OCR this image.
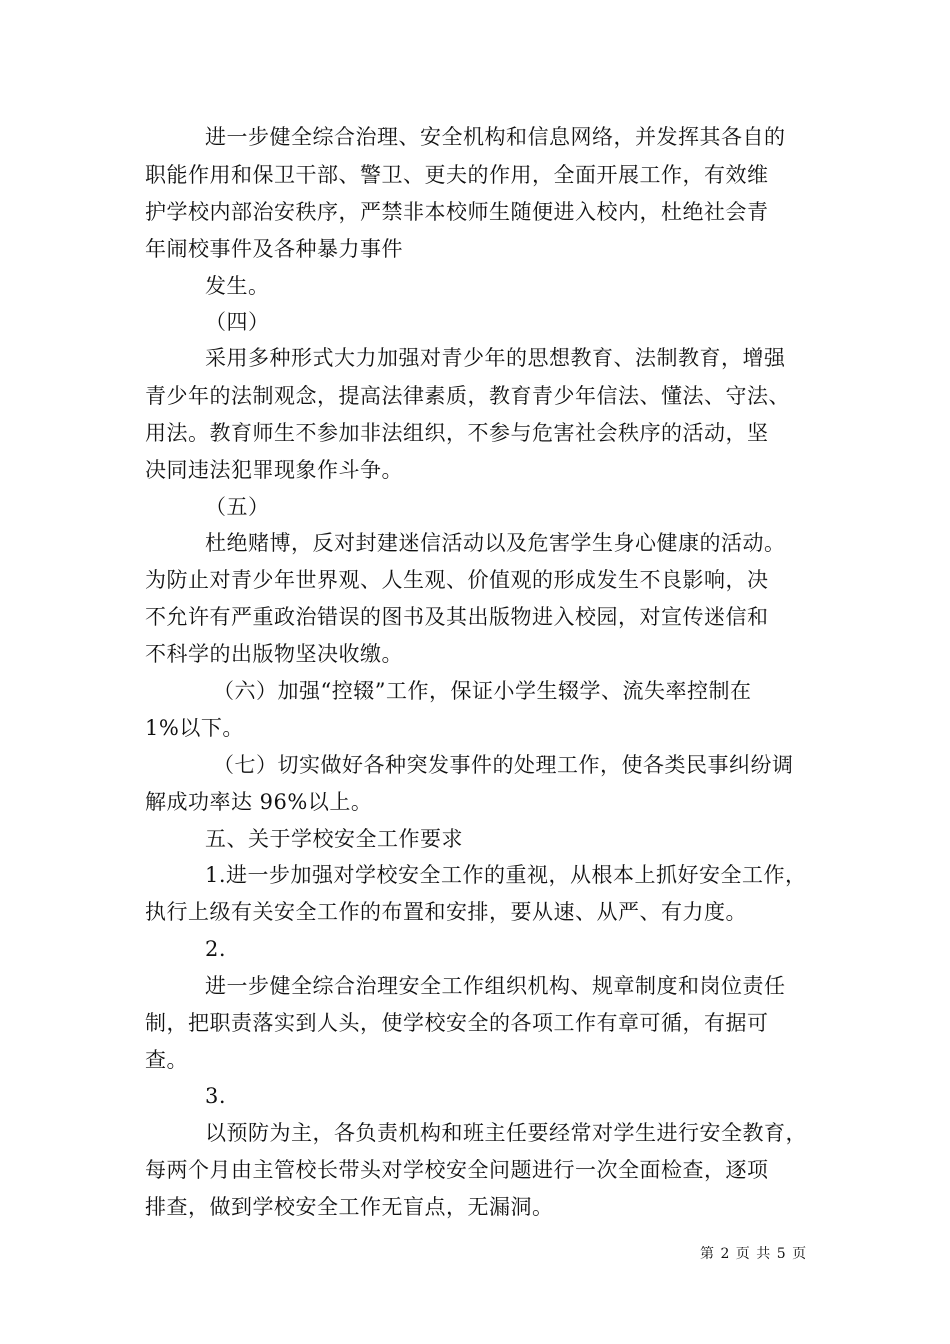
进一步健全综合治理、安全机构和信息网络，并发挥其各自的
职能作用和保卫干部、警卫、更夫的作用，全面开展工作，有效维
护学校内部治安秩序，严禁非本校师生随便进入校内，杜绝社会青
年闹校事件及各种暴力事件
发生。
（四）
采用多种形式大力加强对青少年的思想教育、法制教育，增强
青少年的法制观念，提高法律素质，教育青少年信法、懂法、守法、
用法。教育师生不参加非法组织，不参与危害社会秩序的活动，坚
决同违法犯罪现象作斗争。
（五）
杜绝赌博，反对封建迷信活动以及危害学生身心健康的活动。
为防止对青少年世界观、人生观、价值观的形成发生不良影响，决
不允许有严重政治错误的图书及其出版物进入校园，对宣传迷信和
不科学的出版物坚决收缴。
（六）加强“控辍”工作，保证小学生辍学、流失率控制在
1%以下。
（七）切实做好各种突发事件的处理工作，使各类民事纠纷调
解成功率达 96%以上。
五、关于学校安全工作要求
1.进一步加强对学校安全工作的重视，从根本上抓好安全工作，
执行上级有关安全工作的布置和安排，要从速、从严、有力度。
2.
进一步健全综合治理安全工作组织机构、规章制度和岗位责任
制，把职责落实到人头，使学校安全的各项工作有章可循，有据可
查。
3.
以预防为主，各负责机构和班主任要经常对学生进行安全教育，
每两个月由主管校长带头对学校安全问题进行一次全面检查，逐项
排查，做到学校安全工作无盲点，无漏洞。
第 2 页 共 5 页
